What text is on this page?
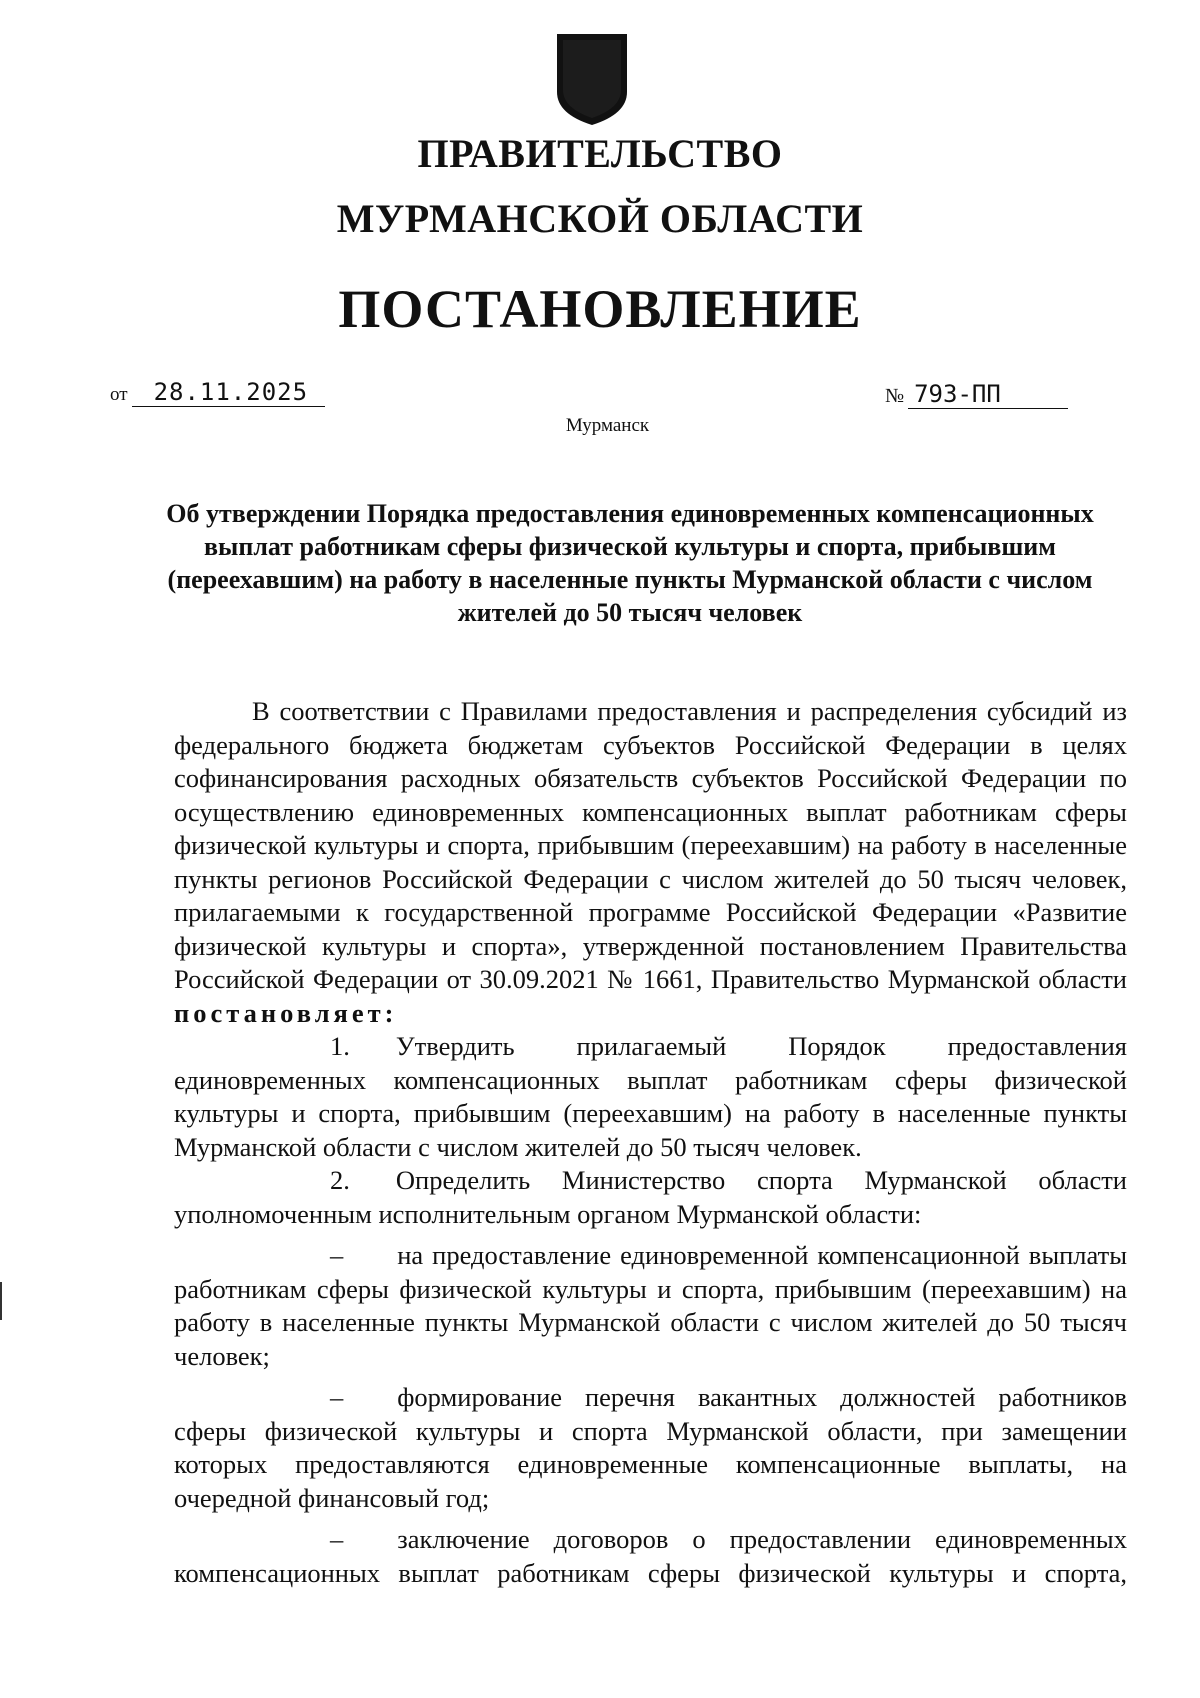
ПРАВИТЕЛЬСТВО
МУРМАНСКОЙ ОБЛАСТИ
ПОСТАНОВЛЕНИЕ
от 28.11.2025	№ 793-ПП
Мурманск

Об утверждении Порядка предоставления единовременных компенсационных выплат работникам сферы физической культуры и спорта, прибывшим (переехавшим) на работу в населенные пункты Мурманской области с числом жителей до 50 тысяч человек

В соответствии с Правилами предоставления и распределения субсидий из федерального бюджета бюджетам субъектов Российской Федерации в целях софинансирования расходных обязательств субъектов Российской Федерации по осуществлению единовременных компенсационных выплат работникам сферы физической культуры и спорта, прибывшим (переехавшим) на работу в населенные пункты регионов Российской Федерации с числом жителей до 50 тысяч человек, прилагаемыми к государственной программе Российской Федерации «Развитие физической культуры и спорта», утвержденной постановлением Правительства Российской Федерации от 30.09.2021 № 1661, Правительство Мурманской области постановляет:

1. Утвердить прилагаемый Порядок предоставления единовременных компенсационных выплат работникам сферы физической культуры и спорта, прибывшим (переехавшим) на работу в населенные пункты Мурманской области с числом жителей до 50 тысяч человек.

2. Определить Министерство спорта Мурманской области уполномоченным исполнительным органом Мурманской области:

– на предоставление единовременной компенсационной выплаты работникам сферы физической культуры и спорта, прибывшим (переехавшим) на работу в населенные пункты Мурманской области с числом жителей до 50 тысяч человек;

– формирование перечня вакантных должностей работников сферы физической культуры и спорта Мурманской области, при замещении которых предоставляются единовременные компенсационные выплаты, на очередной финансовый год;

– заключение договоров о предоставлении единовременных компенсационных выплат работникам сферы физической культуры и спорта,
